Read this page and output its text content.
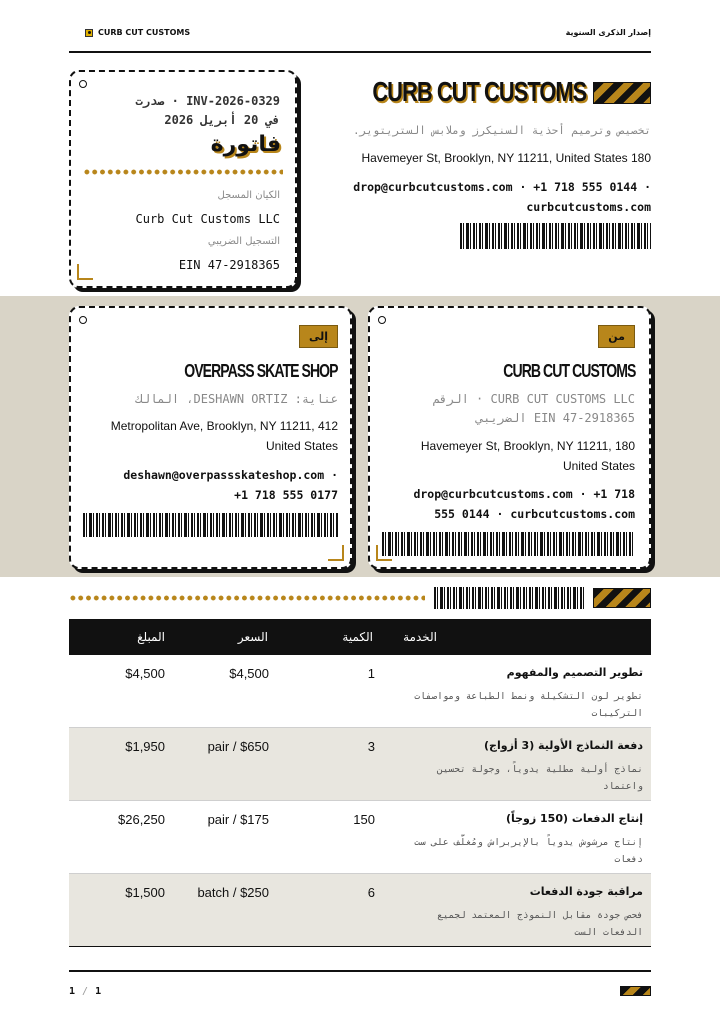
CURB CUT CUSTOMS	إصدار الذكرى السنوية
INV-2026-0329 · صدرت
في 20 أبريل 2026
فاتورة
الكيان المسجل
Curb Cut Customs LLC
التسجيل الضريبي
EIN 47-2918365
CURB CUT CUSTOMS
تخصيص وترميم أحذية السنيكرز وملابس الستريتوير.
Havemeyer St, Brooklyn, NY 11211, United States 180
drop@curbcutcustoms.com · +1 718 555 0144 ·
curbcutcustoms.com
من
CURB CUT CUSTOMS
CURB CUT CUSTOMS LLC · الرقم
EIN 47-2918365 الضريبي
Havemeyer St, Brooklyn, NY 11211, 180
United States
drop@curbcutcustoms.com · +1 718
555 0144 · curbcutcustoms.com
إلى
OVERPASS SKATE SHOP
عناية: DESHAWN ORTIZ، المالك
Metropolitan Ave, Brooklyn, NY 11211, 412
United States
deshawn@overpassskateshop.com ·
+1 718 555 0177
الخدمة
الكمية
السعر
المبلغ
تطوير التصميم والمفهوم
تطوير لون التشكيلة ونمط الطباعة ومواصفات التركيبات
1
$4,500
$4,500
دفعة النماذج الأولية (3 أزواج)
نماذج أولية مطلية يدوياً، وجولة تحسين واعتماد
3
pair / $650
$1,950
إنتاج الدفعات (150 زوجاً)
إنتاج مرشوش يدوياً بالإيربراش ومُغلَّف على ست دفعات
150
pair / $175
$26,250
مراقبة جودة الدفعات
فحص جودة مقابل النموذج المعتمد لجميع الدفعات الست
6
batch / $250
$1,500
1 / 1
